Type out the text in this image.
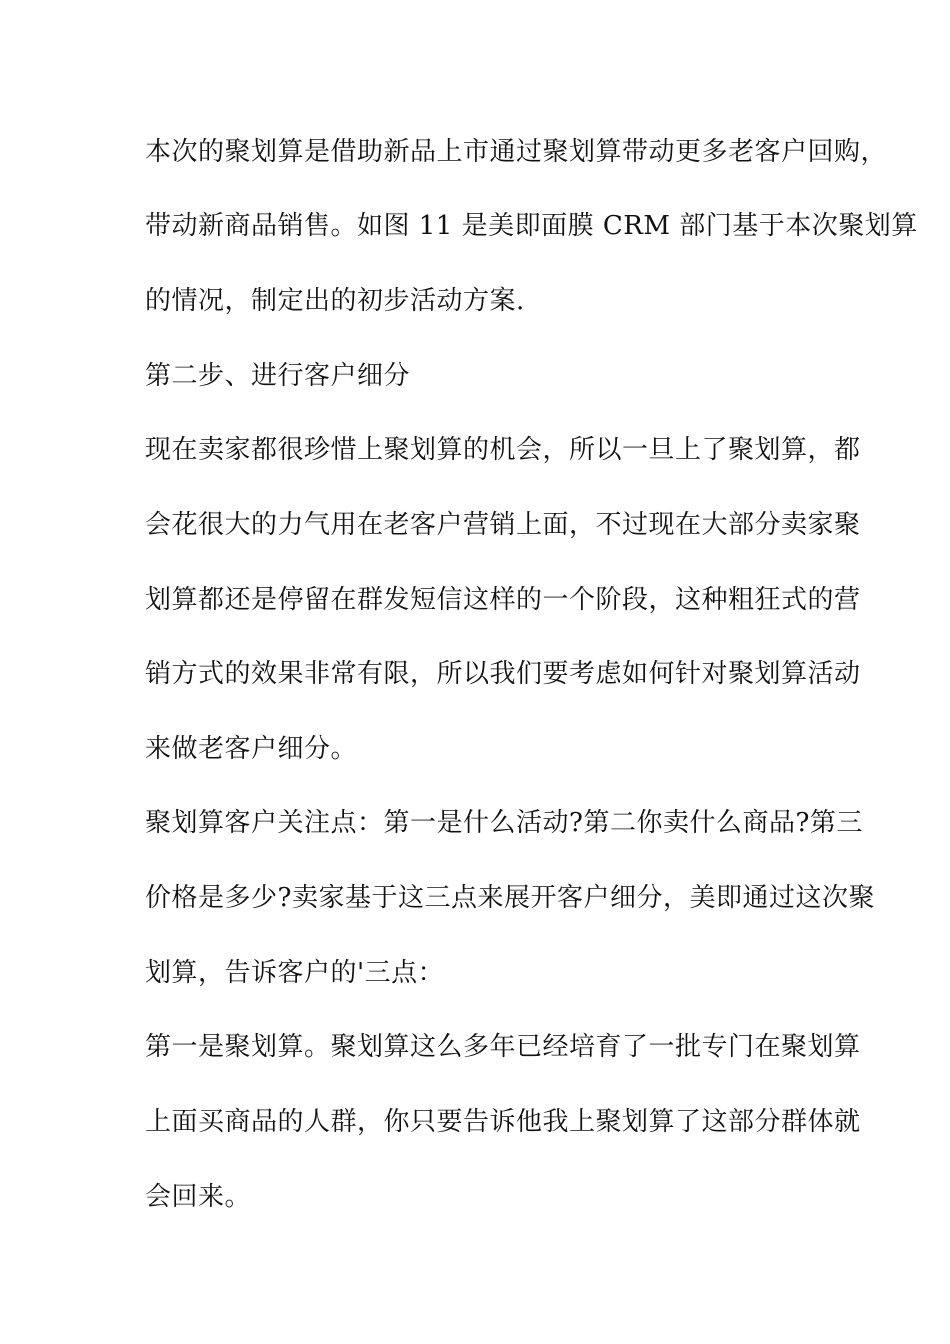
本次的聚划算是借助新品上市通过聚划算带动更多老客户回购，

带动新商品销售。如图 11 是美即面膜 CRM 部门基于本次聚划算

的情况，制定出的初步活动方案.

第二步、进行客户细分

现在卖家都很珍惜上聚划算的机会，所以一旦上了聚划算，都

会花很大的力气用在老客户营销上面，不过现在大部分卖家聚

划算都还是停留在群发短信这样的一个阶段，这种粗狂式的营

销方式的效果非常有限，所以我们要考虑如何针对聚划算活动

来做老客户细分。

聚划算客户关注点：第一是什么活动?第二你卖什么商品?第三

价格是多少?卖家基于这三点来展开客户细分，美即通过这次聚

划算，告诉客户的'三点：

第一是聚划算。聚划算这么多年已经培育了一批专门在聚划算

上面买商品的人群，你只要告诉他我上聚划算了这部分群体就

会回来。
